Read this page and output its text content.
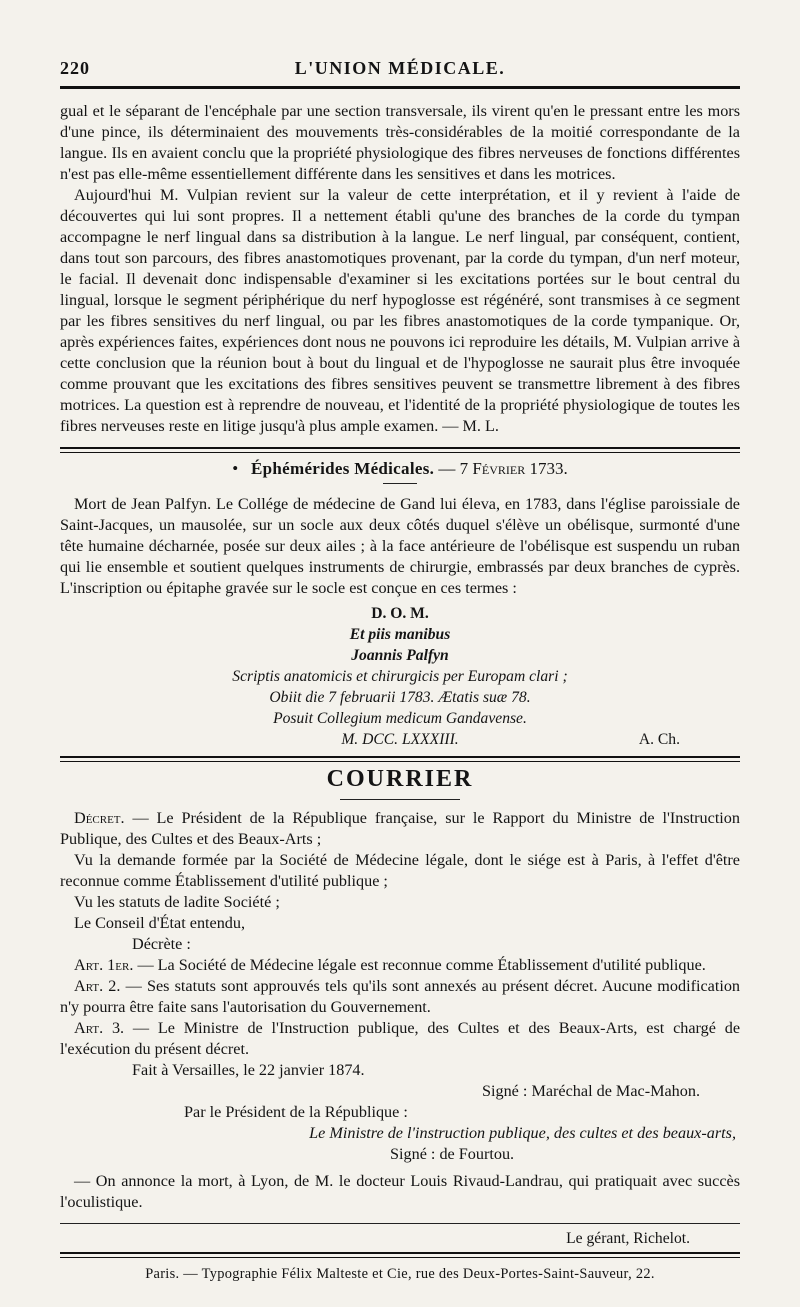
220	L'UNION MÉDICALE.

gual et le séparant de l'encéphale par une section transversale, ils virent qu'en le pressant entre les mors d'une pince, ils déterminaient des mouvements très-considérables de la moitié correspondante de la langue. Ils en avaient conclu que la propriété physiologique des fibres nerveuses de fonctions différentes n'est pas elle-même essentiellement différente dans les sensitives et dans les motrices.

Aujourd'hui M. Vulpian revient sur la valeur de cette interprétation, et il y revient à l'aide de découvertes qui lui sont propres. Il a nettement établi qu'une des branches de la corde du tympan accompagne le nerf lingual dans sa distribution à la langue. Le nerf lingual, par conséquent, contient, dans tout son parcours, des fibres anastomotiques provenant, par la corde du tympan, d'un nerf moteur, le facial. Il devenait donc indispensable d'examiner si les excitations portées sur le bout central du lingual, lorsque le segment périphérique du nerf hypoglosse est régénéré, sont transmises à ce segment par les fibres sensitives du nerf lingual, ou par les fibres anastomotiques de la corde tympanique. Or, après expériences faites, expériences dont nous ne pouvons ici reproduire les détails, M. Vulpian arrive à cette conclusion que la réunion bout à bout du lingual et de l'hypoglosse ne saurait plus être invoquée comme prouvant que les excitations des fibres sensitives peuvent se transmettre librement à des fibres motrices. La question est à reprendre de nouveau, et l'identité de la propriété physiologique de toutes les fibres nerveuses reste en litige jusqu'à plus ample examen. — M. L.

• Éphémérides Médicales. — 7 Février 1733.

Mort de Jean Palfyn. Le Collége de médecine de Gand lui éleva, en 1783, dans l'église paroissiale de Saint-Jacques, un mausolée, sur un socle aux deux côtés duquel s'élève un obélisque, surmonté d'une tête humaine décharnée, posée sur deux ailes ; à la face antérieure de l'obélisque est suspendu un ruban qui lie ensemble et soutient quelques instruments de chirurgie, embrassés par deux branches de cyprès. L'inscription ou épitaphe gravée sur le socle est conçue en ces termes :

D. O. M.
Et piis manibus
Joannis Palfyn
Scriptis anatomicis et chirurgicis per Europam clari ;
Obiit die 7 februarii 1783. Ætatis suæ 78.
Posuit Collegium medicum Gandavense.
M. DCC. LXXXIII.	A. Ch.
COURRIER

Décret. — Le Président de la République française, sur le Rapport du Ministre de l'Instruction Publique, des Cultes et des Beaux-Arts ;

Vu la demande formée par la Société de Médecine légale, dont le siége est à Paris, à l'effet d'être reconnue comme Établissement d'utilité publique ;

Vu les statuts de ladite Société ;

Le Conseil d'État entendu,

Décrète :

Art. 1er. — La Société de Médecine légale est reconnue comme Établissement d'utilité publique.

Art. 2. — Ses statuts sont approuvés tels qu'ils sont annexés au présent décret. Aucune modification n'y pourra être faite sans l'autorisation du Gouvernement.

Art. 3. — Le Ministre de l'Instruction publique, des Cultes et des Beaux-Arts, est chargé de l'exécution du présent décret.

Fait à Versailles, le 22 janvier 1874.

Signé : Maréchal de Mac-Mahon.

Par le Président de la République :

Le Ministre de l'instruction publique, des cultes et des beaux-arts,

Signé : de Fourtou.

— On annonce la mort, à Lyon, de M. le docteur Louis Rivaud-Landrau, qui pratiquait avec succès l'oculistique.

Le gérant, Richelot.
Paris. — Typographie Félix Malteste et Cie, rue des Deux-Portes-Saint-Sauveur, 22.
